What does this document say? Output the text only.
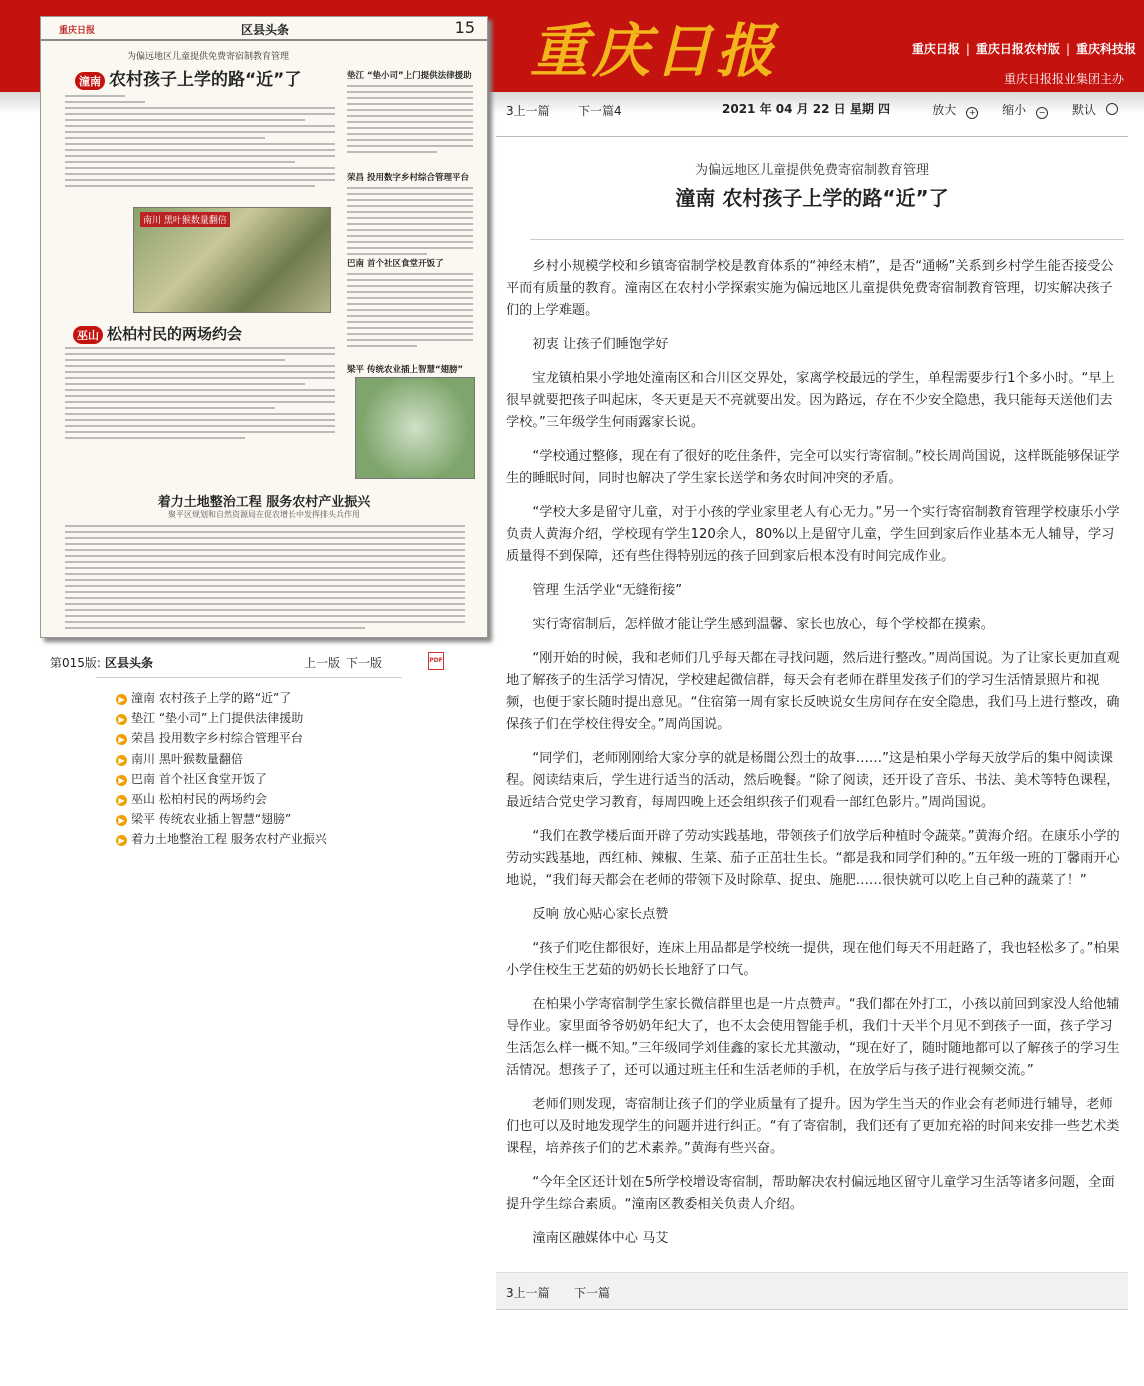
重庆日报	重庆日报 | 重庆日报农村版 | 重庆科技报
重庆日报报业集团主办
重庆日报	区县头条	15
为偏远地区儿童提供免费寄宿制教育管理
潼南 农村孩子上学的路“近”了
南川 黑叶猴数量翻倍
巫山 松柏村民的两场约会
垫江 “垫小司”上门提供法律援助
荣昌 投用数字乡村综合管理平台
巴南 首个社区食堂开饭了
梁平 传统农业插上智慧“翅膀”
着力土地整治工程 服务农村产业振兴
聚平区规划和自然资源局在促农增长中发挥排头兵作用
第015版: 区县头条	上一版 下一版	PDF
▶ 潼南 农村孩子上学的路“近”了
▶ 垫江 “垫小司”上门提供法律援助
▶ 荣昌 投用数字乡村综合管理平台
▶ 南川 黑叶猴数量翻倍
▶ 巴南 首个社区食堂开饭了
▶ 巫山 松柏村民的两场约会
▶ 梁平 传统农业插上智慧“翅膀”
▶ 着力土地整治工程 服务农村产业振兴
3上一篇 下一篇4	2021 年 04 月 22 日 星期 四	放大 + 缩小 − 默认
为偏远地区儿童提供免费寄宿制教育管理
潼南 农村孩子上学的路“近”了

乡村小规模学校和乡镇寄宿制学校是教育体系的“神经末梢”，是否“通畅”关系到乡村学生能否接受公平而有质量的教育。潼南区在农村小学探索实施为偏远地区儿童提供免费寄宿制教育管理，切实解决孩子们的上学难题。

初衷 让孩子们睡饱学好

宝龙镇柏果小学地处潼南区和合川区交界处，家离学校最远的学生，单程需要步行1个多小时。“早上很早就要把孩子叫起床，冬天更是天不亮就要出发。因为路远，存在不少安全隐患，我只能每天送他们去学校。”三年级学生何雨露家长说。

“学校通过整修，现在有了很好的吃住条件，完全可以实行寄宿制。”校长周尚国说，这样既能够保证学生的睡眠时间，同时也解决了学生家长送学和务农时间冲突的矛盾。

“学校大多是留守儿童，对于小孩的学业家里老人有心无力。”另一个实行寄宿制教育管理学校康乐小学负责人黄海介绍，学校现有学生120余人，80%以上是留守儿童，学生回到家后作业基本无人辅导，学习质量得不到保障，还有些住得特别远的孩子回到家后根本没有时间完成作业。

管理 生活学业“无缝衔接”

实行寄宿制后，怎样做才能让学生感到温馨、家长也放心，每个学校都在摸索。

“刚开始的时候，我和老师们几乎每天都在寻找问题，然后进行整改。”周尚国说。为了让家长更加直观地了解孩子的生活学习情况，学校建起微信群，每天会有老师在群里发孩子们的学习生活情景照片和视频，也便于家长随时提出意见。“住宿第一周有家长反映说女生房间存在安全隐患，我们马上进行整改，确保孩子们在学校住得安全。”周尚国说。

“同学们，老师刚刚给大家分享的就是杨闇公烈士的故事……”这是柏果小学每天放学后的集中阅读课程。阅读结束后，学生进行适当的活动，然后晚餐。“除了阅读，还开设了音乐、书法、美术等特色课程，最近结合党史学习教育，每周四晚上还会组织孩子们观看一部红色影片。”周尚国说。

“我们在教学楼后面开辟了劳动实践基地，带领孩子们放学后种植时令蔬菜。”黄海介绍。在康乐小学的劳动实践基地，西红柿、辣椒、生菜、茄子正茁壮生长。“都是我和同学们种的。”五年级一班的丁馨雨开心地说，“我们每天都会在老师的带领下及时除草、捉虫、施肥……很快就可以吃上自己种的蔬菜了！”

反响 放心贴心家长点赞

“孩子们吃住都很好，连床上用品都是学校统一提供，现在他们每天不用赶路了，我也轻松多了。”柏果小学住校生王艺茹的奶奶长长地舒了口气。

在柏果小学寄宿制学生家长微信群里也是一片点赞声。“我们都在外打工，小孩以前回到家没人给他辅导作业。家里面爷爷奶奶年纪大了，也不太会使用智能手机，我们十天半个月见不到孩子一面，孩子学习生活怎么样一概不知。”三年级同学刘佳鑫的家长尤其激动，“现在好了，随时随地都可以了解孩子的学习生活情况。想孩子了，还可以通过班主任和生活老师的手机，在放学后与孩子进行视频交流。”

老师们则发现，寄宿制让孩子们的学业质量有了提升。因为学生当天的作业会有老师进行辅导，老师们也可以及时地发现学生的问题并进行纠正。“有了寄宿制，我们还有了更加充裕的时间来安排一些艺术类课程，培养孩子们的艺术素养。”黄海有些兴奋。

“今年全区还计划在5所学校增设寄宿制，帮助解决农村偏远地区留守儿童学习生活等诸多问题，全面提升学生综合素质。“潼南区教委相关负责人介绍。

潼南区融媒体中心 马艾

3上一篇 下一篇
